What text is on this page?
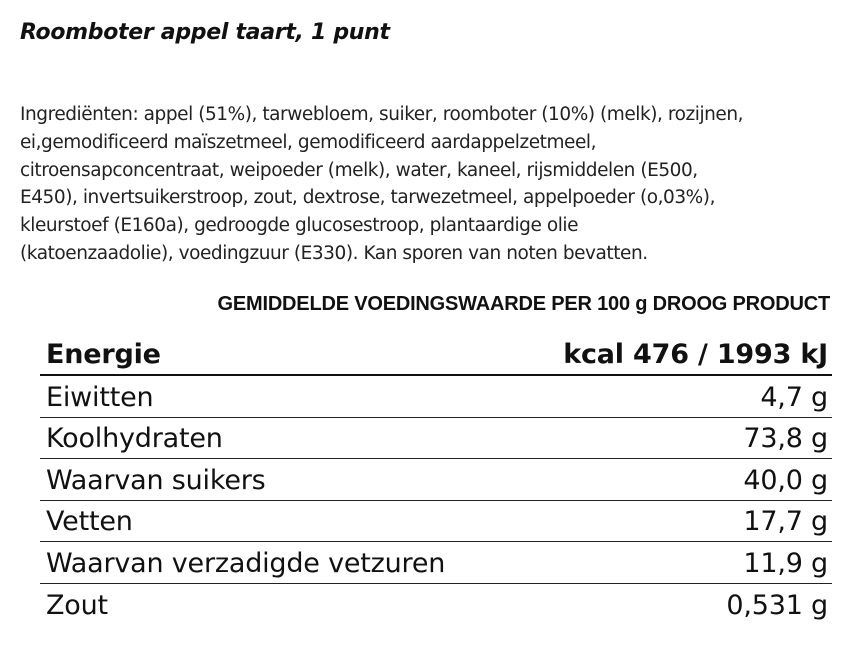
Roomboter appel taart, 1 punt
Ingrediënten: appel (51%), tarwebloem, suiker, roomboter (10%) (melk), rozijnen,
ei,gemodificeerd maïszetmeel, gemodificeerd aardappelzetmeel,
citroensapconcentraat, weipoeder (melk), water, kaneel, rijsmiddelen (E500,
E450), invertsuikerstroop, zout, dextrose, tarwezetmeel, appelpoeder (o,03%),
kleurstoef (E160a), gedroogde glucosestroop, plantaardige olie
(katoenzaadolie), voedingzuur (E330). Kan sporen van noten bevatten.
GEMIDDELDE VOEDINGSWAARDE PER 100 g DROOG PRODUCT
Energie	kcal 476 / 1993 kJ
Eiwitten	4,7 g
Koolhydraten	73,8 g
Waarvan suikers	40,0 g
Vetten	17,7 g
Waarvan verzadigde vetzuren	11,9 g
Zout	0,531 g
